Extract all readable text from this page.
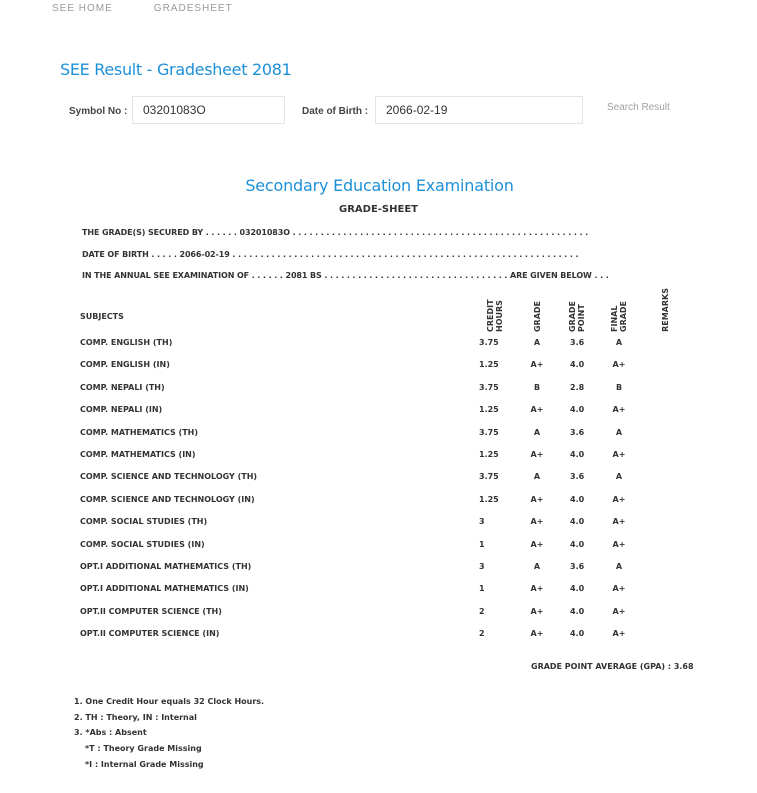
SEE HOME	GRADESHEET
SEE Result - Gradesheet 2081
Symbol No :
03201083O	Date of Birth :
2066-02-19	Search Result
Secondary Education Examination
GRADE-SHEET
THE GRADE(S) SECURED BY . . . . . . 03201083O . . . . . . . . . . . . . . . . . . . . . . . . . . . . . . . . . . . . . . . . . . . . . . . . . . . . .
DATE OF BIRTH . . . . . 2066-02-19 . . . . . . . . . . . . . . . . . . . . . . . . . . . . . . . . . . . . . . . . . . . . . . . . . . . . . . . . . . . . . .
IN THE ANNUAL SEE EXAMINATION OF . . . . . . 2081 BS . . . . . . . . . . . . . . . . . . . . . . . . . . . . . . . . . ARE GIVEN BELOW . . .
SUBJECTS	CREDIT HOURS	GRADE	GRADE POINT	FINAL GRADE	REMARKS
COMP. ENGLISH (TH)	3.75	A	3.6	A
COMP. ENGLISH (IN)	1.25	A+	4.0	A+
COMP. NEPALI (TH)	3.75	B	2.8	B
COMP. NEPALI (IN)	1.25	A+	4.0	A+
COMP. MATHEMATICS (TH)	3.75	A	3.6	A
COMP. MATHEMATICS (IN)	1.25	A+	4.0	A+
COMP. SCIENCE AND TECHNOLOGY (TH)	3.75	A	3.6	A
COMP. SCIENCE AND TECHNOLOGY (IN)	1.25	A+	4.0	A+
COMP. SOCIAL STUDIES (TH)	3	A+	4.0	A+
COMP. SOCIAL STUDIES (IN)	1	A+	4.0	A+
OPT.I ADDITIONAL MATHEMATICS (TH)	3	A	3.6	A
OPT.I ADDITIONAL MATHEMATICS (IN)	1	A+	4.0	A+
OPT.II COMPUTER SCIENCE (TH)	2	A+	4.0	A+
OPT.II COMPUTER SCIENCE (IN)	2	A+	4.0	A+
GRADE POINT AVERAGE (GPA) : 3.68
1. One Credit Hour equals 32 Clock Hours.
2. TH : Theory, IN : Internal
3. *Abs : Absent
*T : Theory Grade Missing
*I : Internal Grade Missing
